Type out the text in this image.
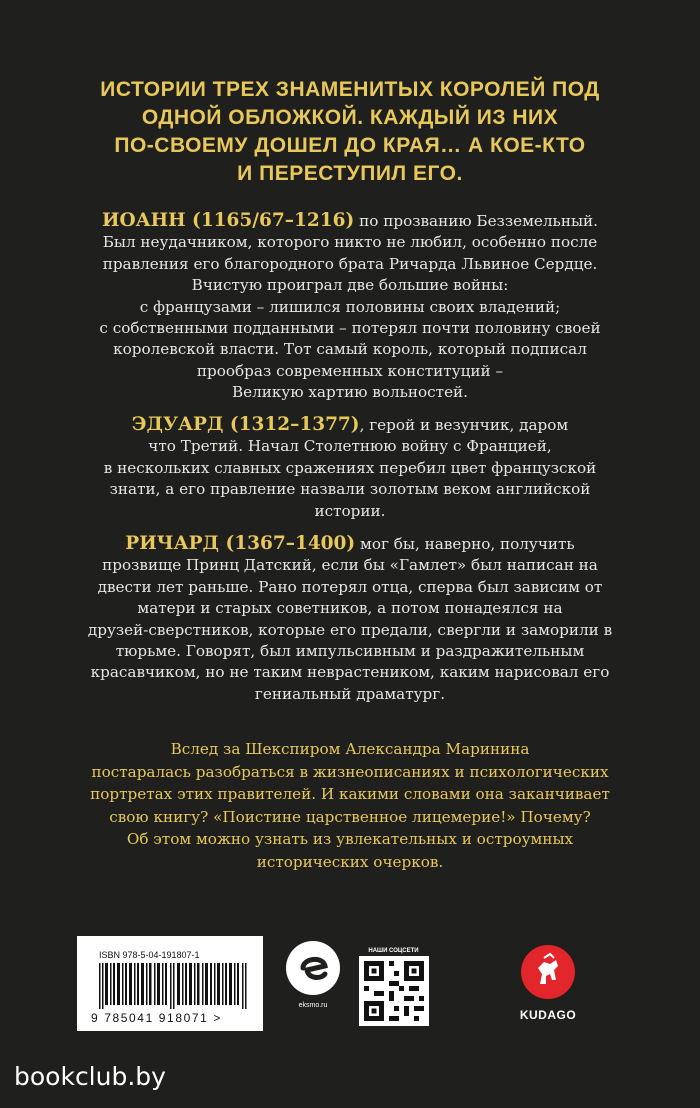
ИСТОРИИ ТРЕХ ЗНАМЕНИТЫХ КОРОЛЕЙ ПОД
ОДНОЙ ОБЛОЖКОЙ. КАЖДЫЙ ИЗ НИХ
ПО-СВОЕМУ ДОШЕЛ ДО КРАЯ… А КОЕ-КТО
И ПЕРЕСТУПИЛ ЕГО.
ИОАНН (1165/67–1216) по прозванию Безземельный.
Был неудачником, которого никто не любил, особенно после
правления его благородного брата Ричарда Львиное Сердце.
Вчистую проиграл две большие войны:
с французами – лишился половины своих владений;
с собственными подданными – потерял почти половину своей
королевской власти. Тот самый король, который подписал
прообраз современных конституций –
Великую хартию вольностей.
ЭДУАРД (1312–1377), герой и везунчик, даром
что Третий. Начал Столетнюю войну с Францией,
в нескольких славных сражениях перебил цвет французской
знати, а его правление назвали золотым веком английской
истории.
РИЧАРД (1367–1400) мог бы, наверно, получить
прозвище Принц Датский, если бы «Гамлет» был написан на
двести лет раньше. Рано потерял отца, сперва был зависим от
матери и старых советников, а потом понадеялся на
друзей-сверстников, которые его предали, свергли и заморили в
тюрьме. Говорят, был импульсивным и раздражительным
красавчиком, но не таким неврастеником, каким нарисовал его
гениальный драматург.
Вслед за Шекспиром Александра Маринина
постаралась разобраться в жизнеописаниях и психологических
портретах этих правителей. И какими словами она заканчивает
свою книгу? «Поистине царственное лицемерие!» Почему?
Об этом можно узнать из увлекательных и остроумных
исторических очерков.
ISBN 978-5-04-191807-1
9 785041 918071 >
eksmo.ru
НАШИ СОЦСЕТИ
KUDAGO
bookclub.by
